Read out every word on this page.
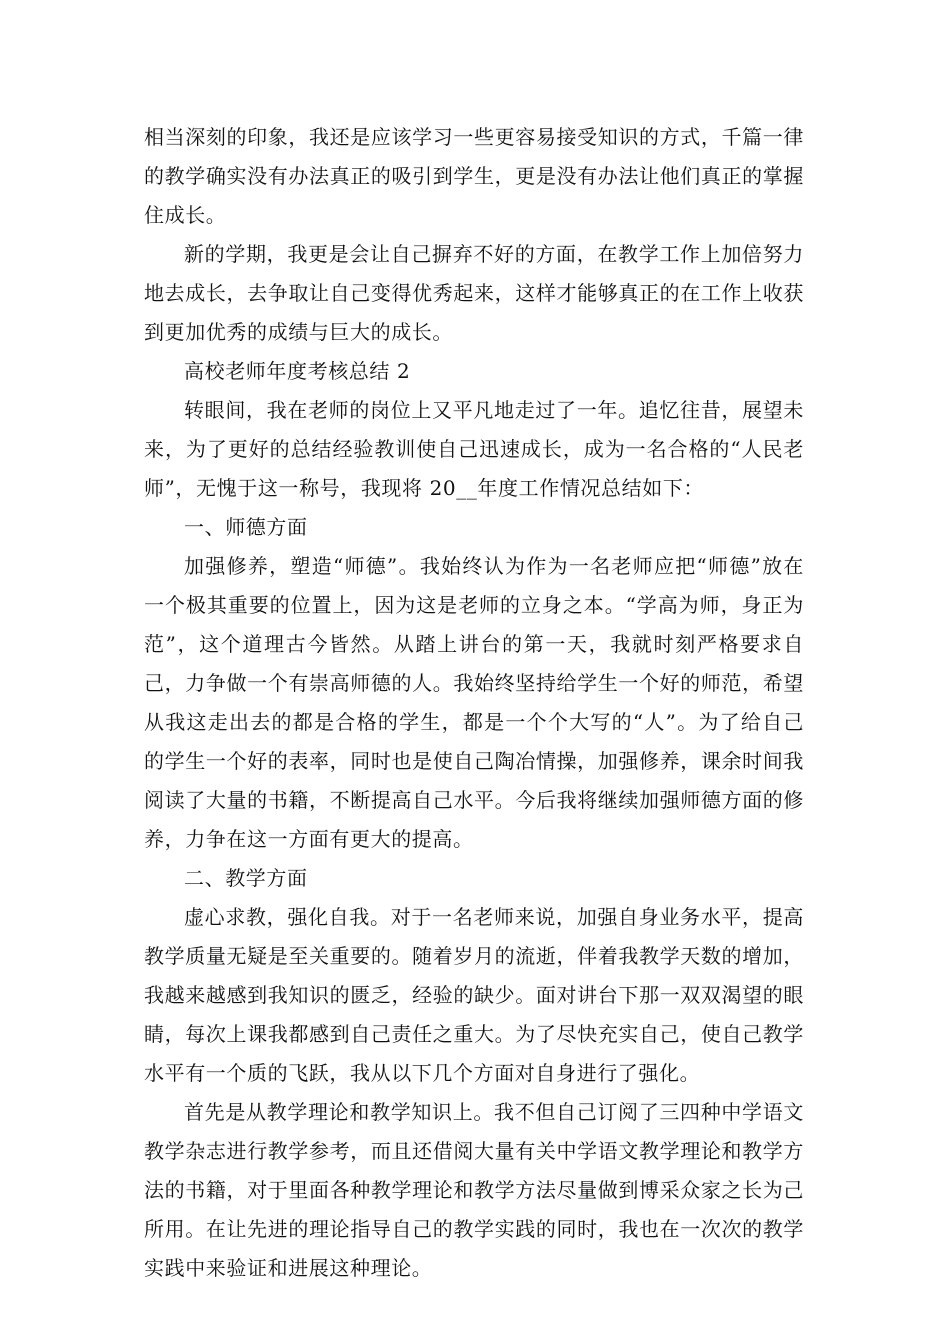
相当深刻的印象，我还是应该学习一些更容易接受知识的方式，千篇一律的教学确实没有办法真正的吸引到学生，更是没有办法让他们真正的掌握住成长。

新的学期，我更是会让自己摒弃不好的方面，在教学工作上加倍努力地去成长，去争取让自己变得优秀起来，这样才能够真正的在工作上收获到更加优秀的成绩与巨大的成长。

高校老师年度考核总结 2

转眼间，我在老师的岗位上又平凡地走过了一年。追忆往昔，展望未来，为了更好的总结经验教训使自己迅速成长，成为一名合格的“人民老师”，无愧于这一称号，我现将 20__年度工作情况总结如下：

一、师德方面

加强修养，塑造“师德”。我始终认为作为一名老师应把“师德”放在一个极其重要的位置上，因为这是老师的立身之本。“学高为师，身正为范”，这个道理古今皆然。从踏上讲台的第一天，我就时刻严格要求自己，力争做一个有崇高师德的人。我始终坚持给学生一个好的师范，希望从我这走出去的都是合格的学生，都是一个个大写的“人”。为了给自己的学生一个好的表率，同时也是使自己陶冶情操，加强修养，课余时间我阅读了大量的书籍，不断提高自己水平。今后我将继续加强师德方面的修养，力争在这一方面有更大的提高。

二、教学方面

虚心求教，强化自我。对于一名老师来说，加强自身业务水平，提高教学质量无疑是至关重要的。随着岁月的流逝，伴着我教学天数的增加，我越来越感到我知识的匮乏，经验的缺少。面对讲台下那一双双渴望的眼睛，每次上课我都感到自己责任之重大。为了尽快充实自己，使自己教学水平有一个质的飞跃，我从以下几个方面对自身进行了强化。

首先是从教学理论和教学知识上。我不但自己订阅了三四种中学语文教学杂志进行教学参考，而且还借阅大量有关中学语文教学理论和教学方法的书籍，对于里面各种教学理论和教学方法尽量做到博采众家之长为己所用。在让先进的理论指导自己的教学实践的同时，我也在一次次的教学实践中来验证和进展这种理论。
